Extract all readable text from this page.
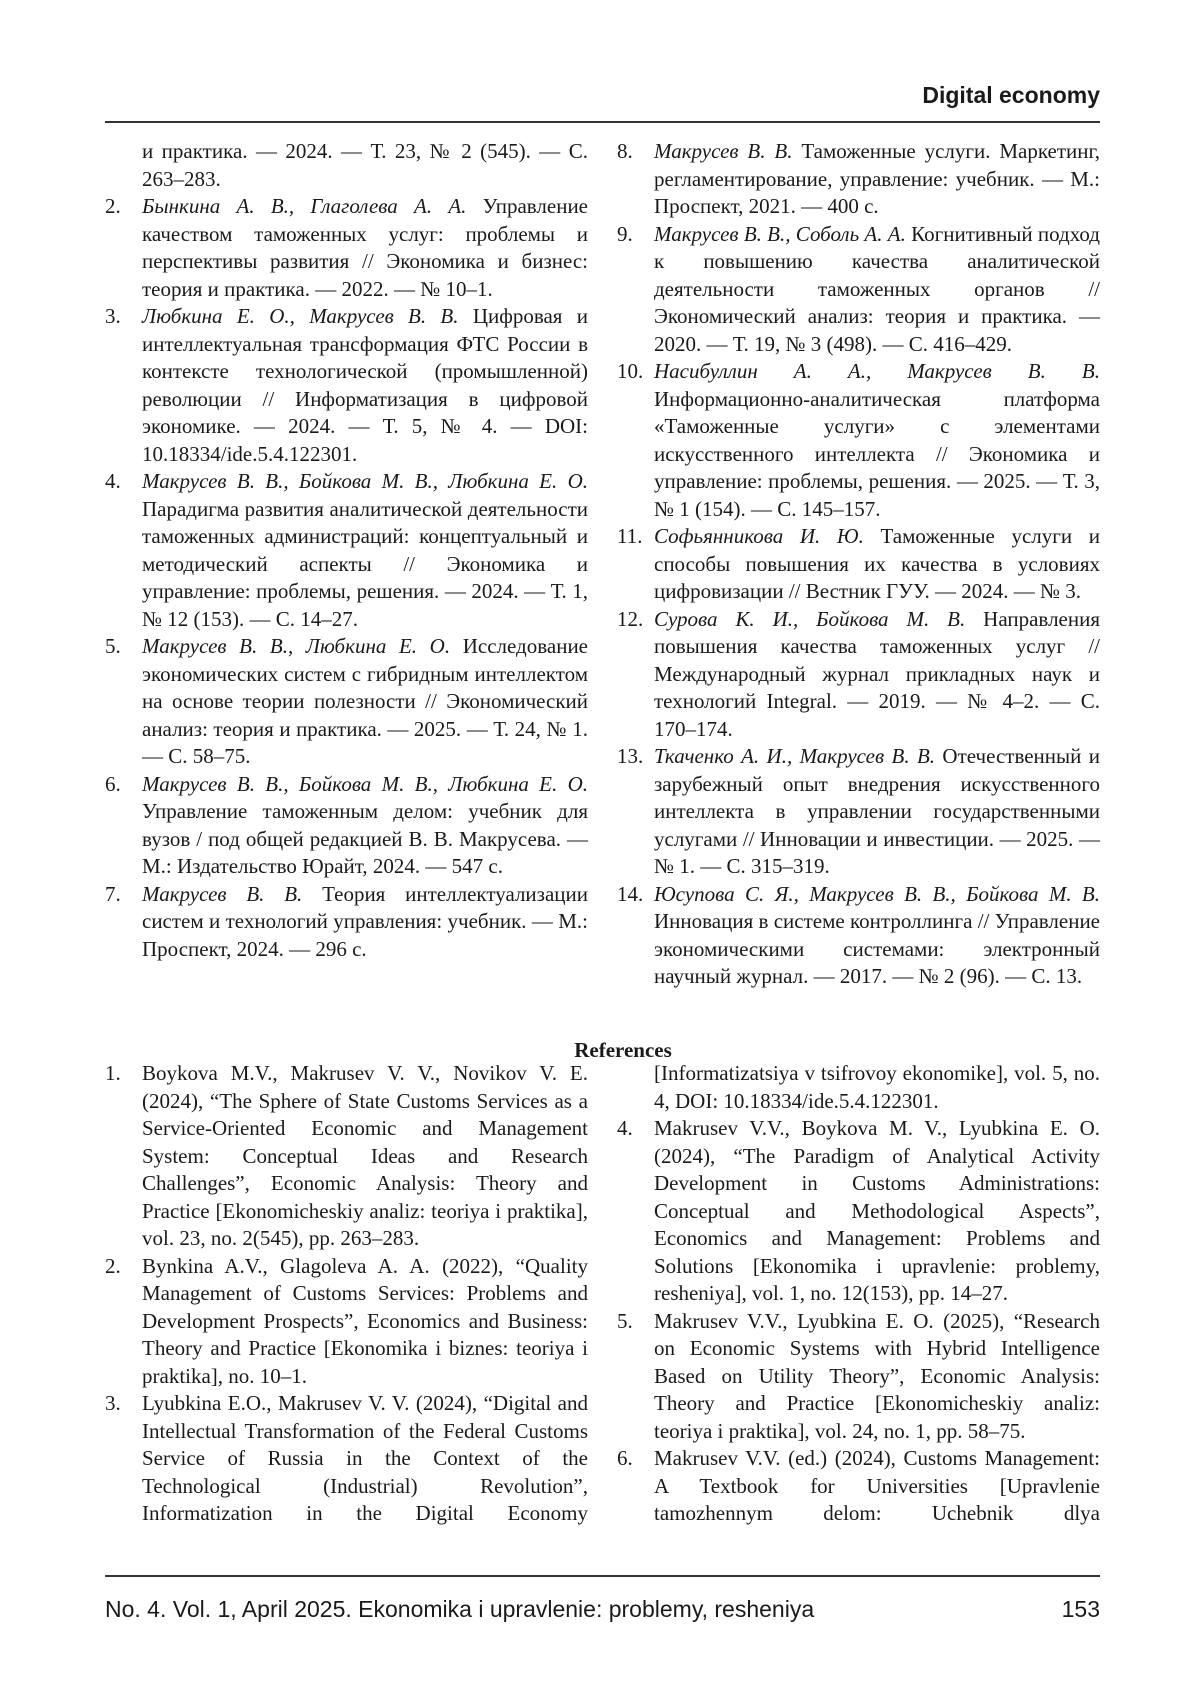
Digital economy
и практика. — 2024. — Т. 23, № 2 (545). — С. 263–283.
2. Бынкина А. В., Глаголева А. А. Управление качеством таможенных услуг: проблемы и перспективы развития // Экономика и бизнес: теория и практика. — 2022. — № 10–1.
3. Любкина Е. О., Макрусев В. В. Цифровая и интеллектуальная трансформация ФТС России в контексте технологической (промышленной) революции // Информатизация в цифровой экономике. — 2024. — Т. 5, № 4. — DOI: 10.18334/ide.5.4.122301.
4. Макрусев В. В., Бойкова М. В., Любкина Е. О. Парадигма развития аналитической деятельности таможенных администраций: концептуальный и методический аспекты // Экономика и управление: проблемы, решения. — 2024. — Т. 1, № 12 (153). — С. 14–27.
5. Макрусев В. В., Любкина Е. О. Исследование экономических систем с гибридным интеллектом на основе теории полезности // Экономический анализ: теория и практика. — 2025. — Т. 24, № 1. — С. 58–75.
6. Макрусев В. В., Бойкова М. В., Любкина Е. О. Управление таможенным делом: учебник для вузов / под общей редакцией В. В. Макрусева. — М.: Издательство Юрайт, 2024. — 547 с.
7. Макрусев В. В. Теория интеллектуализации систем и технологий управления: учебник. — М.: Проспект, 2024. — 296 с.
8. Макрусев В. В. Таможенные услуги. Маркетинг, регламентирование, управление: учебник. — М.: Проспект, 2021. — 400 с.
9. Макрусев В. В., Соболь А. А. Когнитивный подход к повышению качества аналитической деятельности таможенных органов // Экономический анализ: теория и практика. — 2020. — Т. 19, № 3 (498). — С. 416–429.
10. Насибуллин А. А., Макрусев В. В. Информационно-аналитическая платформа «Таможенные услуги» с элементами искусственного интеллекта // Экономика и управление: проблемы, решения. — 2025. — Т. 3, № 1 (154). — С. 145–157.
11. Софьянникова И. Ю. Таможенные услуги и способы повышения их качества в условиях цифровизации // Вестник ГУУ. — 2024. — № 3.
12. Сурова К. И., Бойкова М. В. Направления повышения качества таможенных услуг // Международный журнал прикладных наук и технологий Integral. — 2019. — № 4–2. — С. 170–174.
13. Ткаченко А. И., Макрусев В. В. Отечественный и зарубежный опыт внедрения искусственного интеллекта в управлении государственными услугами // Инновации и инвестиции. — 2025. — № 1. — С. 315–319.
14. Юсупова С. Я., Макрусев В. В., Бойкова М. В. Инновация в системе контроллинга // Управление экономическими системами: электронный научный журнал. — 2017. — № 2 (96). — С. 13.
References
1. Boykova M.V., Makrusev V. V., Novikov V. E. (2024), “The Sphere of State Customs Services as a Service-Oriented Economic and Management System: Conceptual Ideas and Research Challenges”, Economic Analysis: Theory and Practice [Ekonomicheskiy analiz: teoriya i praktika], vol. 23, no. 2(545), pp. 263–283.
2. Bynkina A.V., Glagoleva A. A. (2022), “Quality Management of Customs Services: Problems and Development Prospects”, Economics and Business: Theory and Practice [Ekonomika i biznes: teoriya i praktika], no. 10–1.
3. Lyubkina E.O., Makrusev V. V. (2024), “Digital and Intellectual Transformation of the Federal Customs Service of Russia in the Context of the Technological (Industrial) Revolution”, Informatization in the Digital Economy
[Informatizatsiya v tsifrovoy ekonomike], vol. 5, no. 4, DOI: 10.18334/ide.5.4.122301.
4. Makrusev V.V., Boykova M. V., Lyubkina E. O. (2024), “The Paradigm of Analytical Activity Development in Customs Administrations: Conceptual and Methodological Aspects”, Economics and Management: Problems and Solutions [Ekonomika i upravlenie: problemy, resheniya], vol. 1, no. 12(153), pp. 14–27.
5. Makrusev V.V., Lyubkina E. O. (2025), “Research on Economic Systems with Hybrid Intelligence Based on Utility Theory”, Economic Analysis: Theory and Practice [Ekonomicheskiy analiz: teoriya i praktika], vol. 24, no. 1, pp. 58–75.
6. Makrusev V.V. (ed.) (2024), Customs Management: A Textbook for Universities [Upravlenie tamozhennym delom: Uchebnik dlya
No. 4. Vol. 1, April 2025. Ekonomika i upravlenie: problemy, resheniya	153
